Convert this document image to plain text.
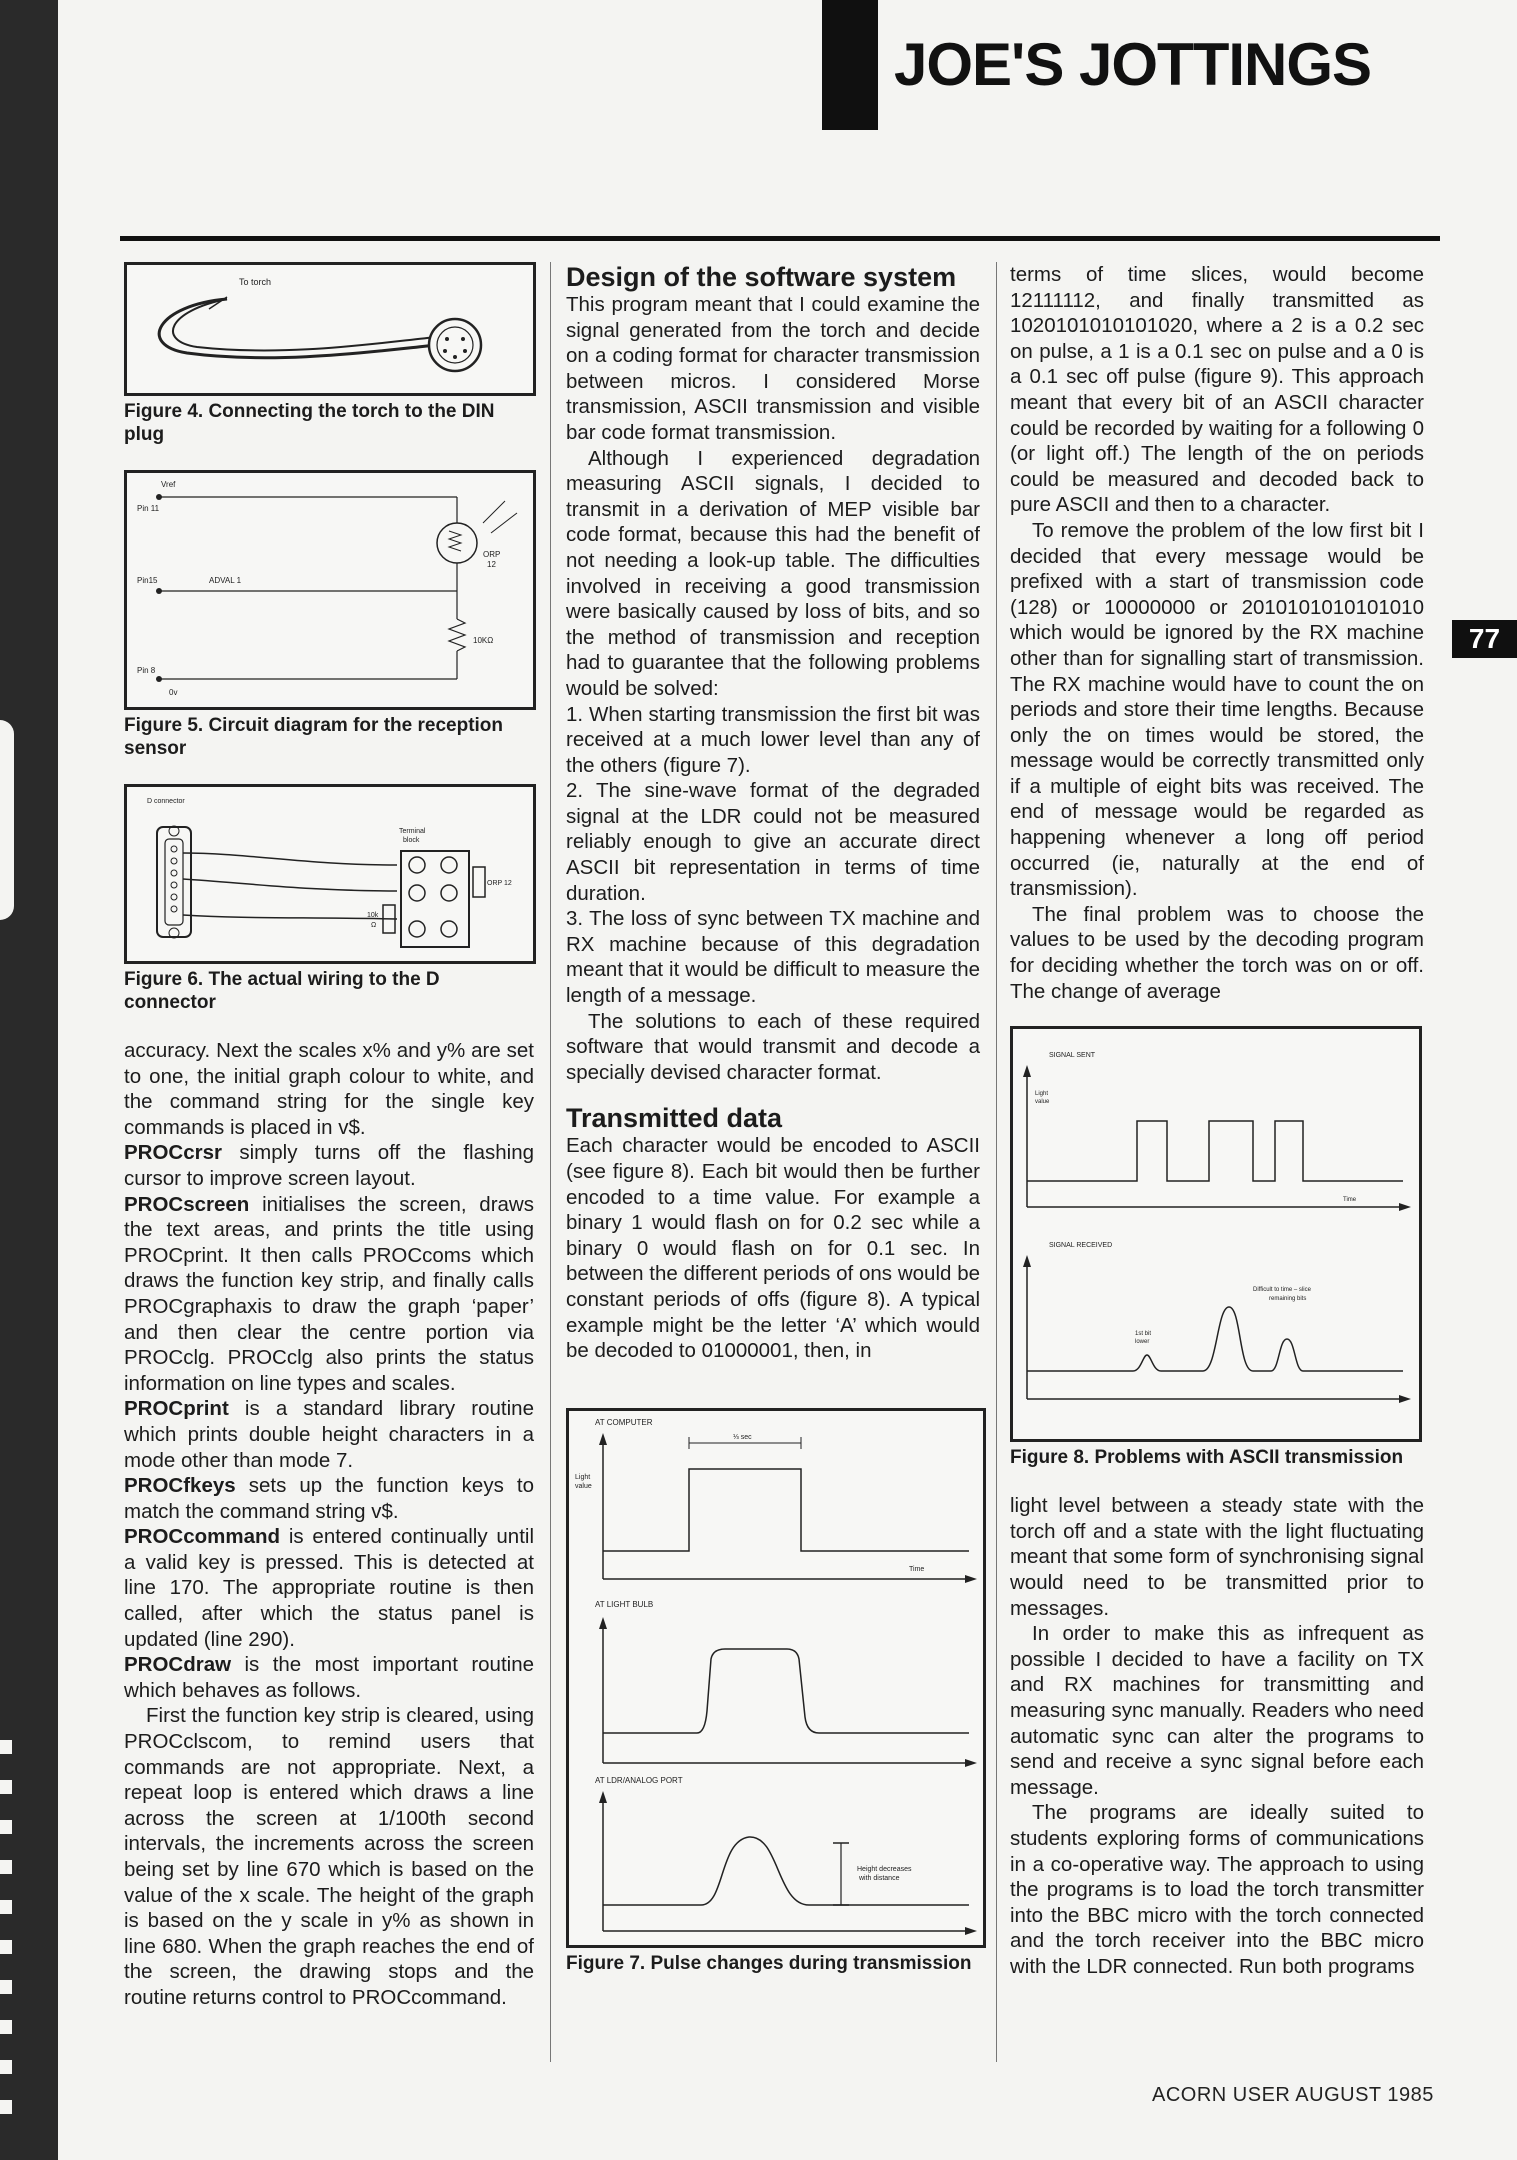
JOE'S JOTTINGS
77
To torch
Figure 4. Connecting the torch to the DIN plug
Vref
Pin 11
ORP
12
Pin15	ADVAL 1
10KΩ
Pin 8
0v
Figure 5. Circuit diagram for the reception sensor
D connector
Terminal
block
ORP 12
10k
Ω
Figure 6. The actual wiring to the D connector

accuracy. Next the scales x% and y% are set to one, the initial graph colour to white, and the command string for the single key commands is placed in v$.

PROCcrsr simply turns off the flashing cursor to improve screen layout.

PROCscreen initialises the screen, draws the text areas, and prints the title using PROCprint. It then calls PROCcoms which draws the function key strip, and finally calls PROCgraphaxis to draw the graph ‘paper’ and then clear the centre portion via PROCclg. PROCclg also prints the status information on line types and scales.

PROCprint is a standard library routine which prints double height characters in a mode other than mode 7.

PROCfkeys sets up the function keys to match the command string v$.

PROCcommand is entered continually until a valid key is pressed. This is detected at line 170. The appropriate routine is then called, after which the status panel is updated (line 290).

PROCdraw is the most important routine which behaves as follows.

First the function key strip is cleared, using PROCclscom, to remind users that commands are not appropriate. Next, a repeat loop is entered which draws a line across the screen at 1/100th second intervals, the increments across the screen being set by line 670 which is based on the value of the x scale. The height of the graph is based on the y scale in y% as shown in line 680. When the graph reaches the end of the screen, the drawing stops and the routine returns control to PROCcommand.

Design of the software system

This program meant that I could examine the signal generated from the torch and decide on a coding format for character transmission between micros. I considered Morse transmission, ASCII transmission and visible bar code format transmission.

Although I experienced degradation measuring ASCII signals, I decided to transmit in a derivation of MEP visible bar code format, because this had the benefit of not needing a look-up table. The difficulties involved in receiving a good transmission were basically caused by loss of bits, and so the method of transmission and reception had to guarantee that the following problems would be solved:

1. When starting transmission the first bit was received at a much lower level than any of the others (figure 7).

2. The sine-wave format of the degraded signal at the LDR could not be measured reliably enough to give an accurate direct ASCII bit representation in terms of time duration.

3. The loss of sync between TX machine and RX machine because of this degradation meant that it would be difficult to measure the length of a message.

The solutions to each of these required software that would transmit and decode a specially devised character format.

Transmitted data

Each character would be encoded to ASCII (see figure 8). Each bit would then be further encoded to a time value. For example a binary 1 would flash on for 0.2 sec while a binary 0 would flash on for 0.1 sec. In between the different periods of ons would be constant periods of offs (figure 8). A typical example might be the letter ‘A’ which would be decoded to 01000001, then, in

AT COMPUTER
Light
value
Time
⅓ sec
AT LIGHT BULB
AT LDR/ANALOG PORT
Height decreases
with distance
Figure 7. Pulse changes during transmission

terms of time slices, would become 12111112, and finally transmitted as 1020101010101020, where a 2 is a 0.2 sec on pulse, a 1 is a 0.1 sec on pulse and a 0 is a 0.1 sec off pulse (figure 9). This approach meant that every bit of an ASCII character could be recorded by waiting for a following 0 (or light off.) The length of the on periods could be measured and decoded back to pure ASCII and then to a character.

To remove the problem of the low first bit I decided that every message would be prefixed with a start of transmission code (128) or 10000000 or 2010101010101010 which would be ignored by the RX machine other than for signalling start of transmission. The RX machine would have to count the on periods and store their time lengths. Because only the on times would be stored, the message would be correctly transmitted only if a multiple of eight bits was received. The end of message would be regarded as happening whenever a long off period occurred (ie, naturally at the end of transmission).

The final problem was to choose the values to be used by the decoding program for deciding whether the torch was on or off. The change of average

SIGNAL SENT
Light
value
Time
SIGNAL RECEIVED
Difficult to time – slice
remaining bits
1st bit
lower
Figure 8. Problems with ASCII transmission

light level between a steady state with the torch off and a state with the light fluctuating meant that some form of synchronising signal would need to be transmitted prior to messages.

In order to make this as infrequent as possible I decided to have a facility on TX and RX machines for transmitting and measuring sync manually. Readers who need automatic sync can alter the programs to send and receive a sync signal before each message.

The programs are ideally suited to students exploring forms of communications in a co-operative way. The approach to using the programs is to load the torch transmitter into the BBC micro with the torch connected and the torch receiver into the BBC micro with the LDR connected. Run both programs

ACORN USER AUGUST 1985
